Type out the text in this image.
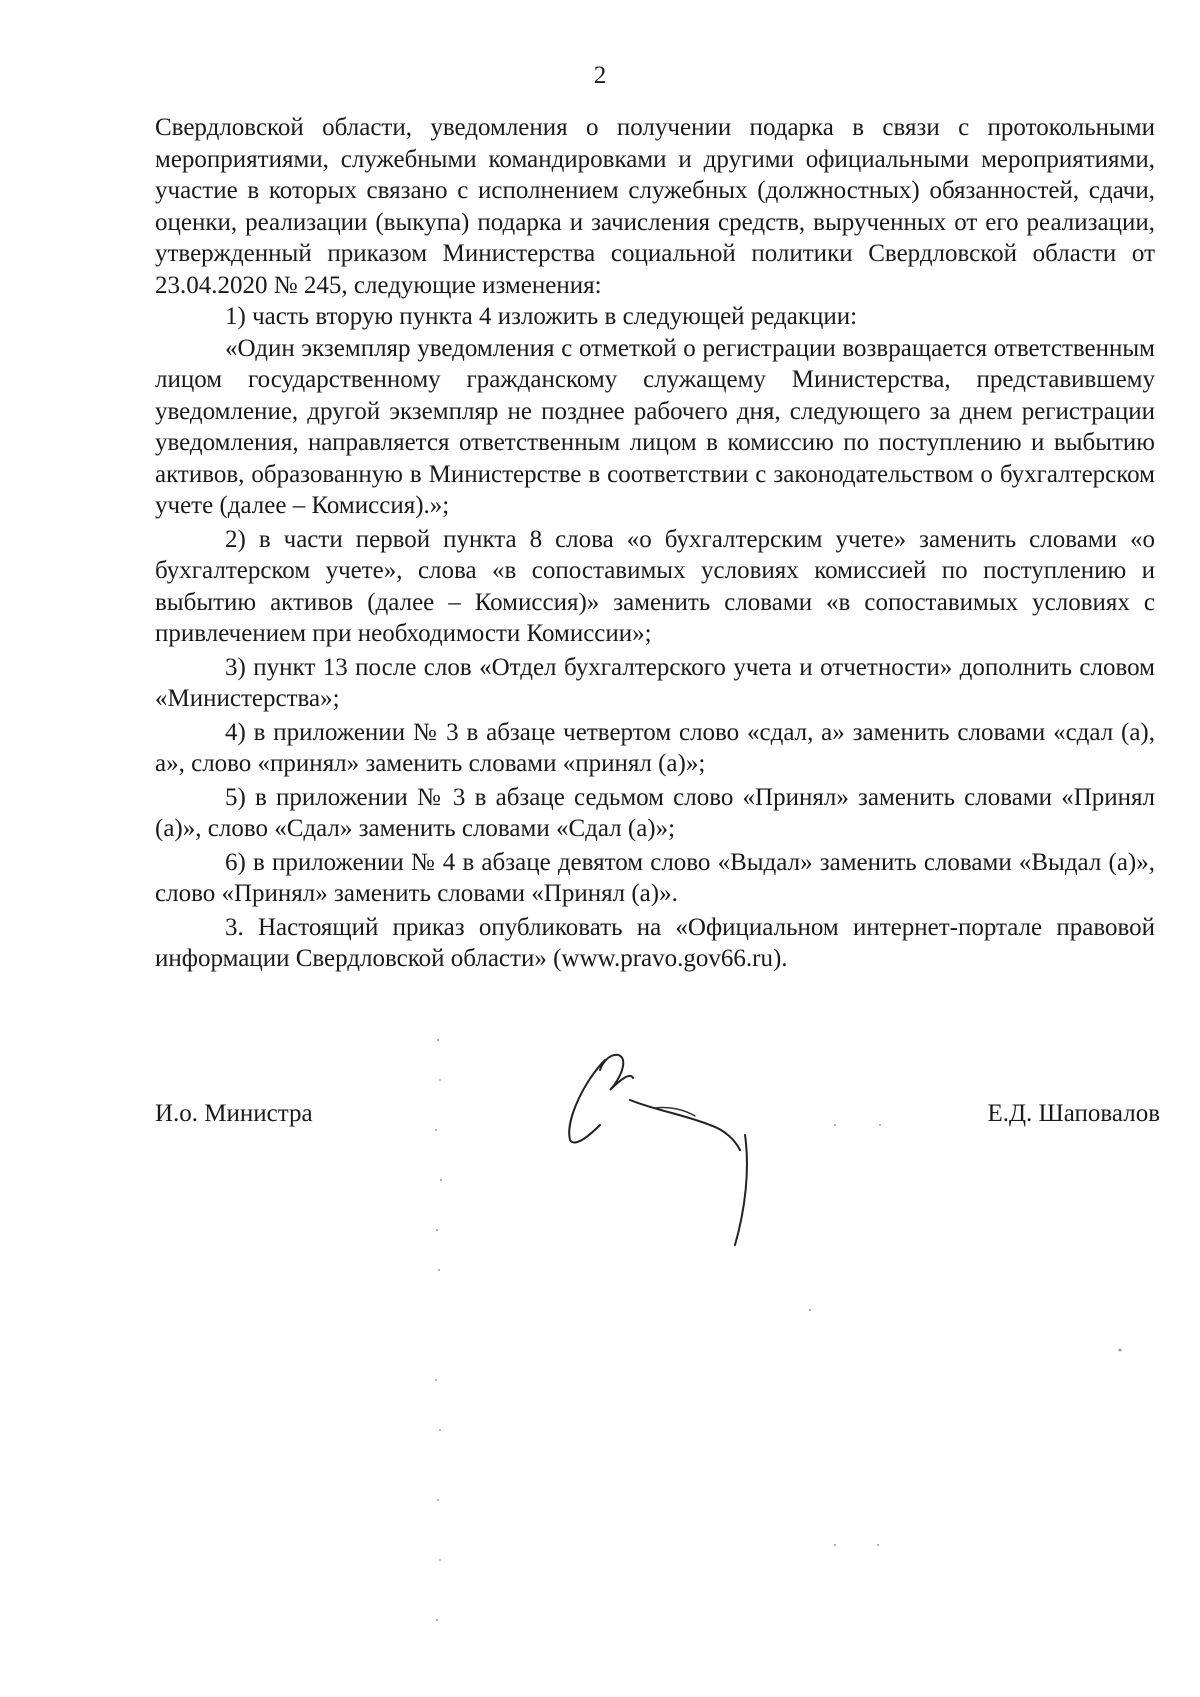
2

Свердловской области, уведомления о получении подарка в связи с протокольными мероприятиями, служебными командировками и другими официальными мероприятиями, участие в которых связано с исполнением служебных (должностных) обязанностей, сдачи, оценки, реализации (выкупа) подарка и зачисления средств, вырученных от его реализации, утвержденный приказом Министерства социальной политики Свердловской области от 23.04.2020 № 245, следующие изменения:

1) часть вторую пункта 4 изложить в следующей редакции:

«Один экземпляр уведомления с отметкой о регистрации возвращается ответственным лицом государственному гражданскому служащему Министерства, представившему уведомление, другой экземпляр не позднее рабочего дня, следующего за днем регистрации уведомления, направляется ответственным лицом в комиссию по поступлению и выбытию активов, образованную в Министерстве в соответствии с законодательством о бухгалтерском учете (далее – Комиссия).»;

2) в части первой пункта 8 слова «о бухгалтерским учете» заменить словами «о бухгалтерском учете», слова «в сопоставимых условиях комиссией по поступлению и выбытию активов (далее – Комиссия)» заменить словами «в сопоставимых условиях с привлечением при необходимости Комиссии»;

3) пункт 13 после слов «Отдел бухгалтерского учета и отчетности» дополнить словом «Министерства»;

4) в приложении № 3 в абзаце четвертом слово «сдал, а» заменить словами «сдал (а), а», слово «принял» заменить словами «принял (а)»;

5) в приложении № 3 в абзаце седьмом слово «Принял» заменить словами «Принял (а)», слово «Сдал» заменить словами «Сдал (а)»;

6) в приложении № 4 в абзаце девятом слово «Выдал» заменить словами «Выдал (а)», слово «Принял» заменить словами «Принял (а)».

3. Настоящий приказ опубликовать на «Официальном интернет-портале правовой информации Свердловской области» (www.pravo.gov66.ru).

И.о. Министра	Е.Д. Шаповалов
